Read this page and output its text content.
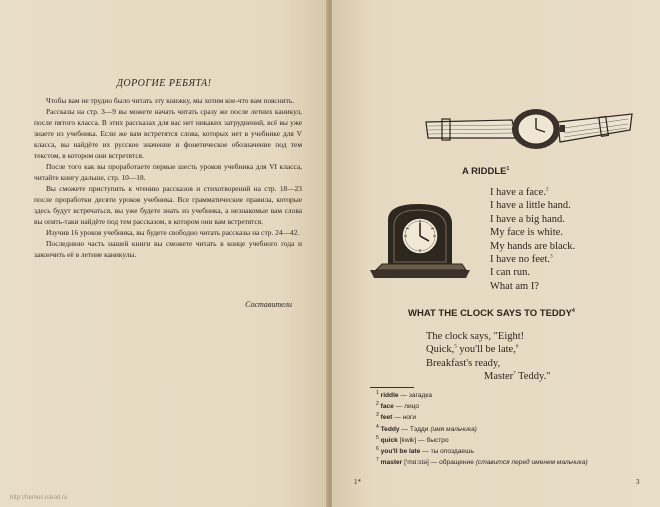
ДОРОГИЕ РЕБЯТА!

Чтобы вам не трудно было читать эту книжку, мы хотим кое-что вам пояснить.

Рассказы на стр. 3—9 вы можете начать читать сразу же после летних каникул, после пятого класса. В этих рассказах для вас нет никаких затруднений, всё вы уже знаете из учебника. Если же вам встретятся слова, которых нет в учебнике для V класса, вы найдёте их русское значение и фонетическое обозначение под тем текстом, в котором они встретятся.

После того как вы проработаете первые шесть уроков учебника для VI класса, читайте книгу дальше, стр. 10—18.

Вы сможете приступить к чтению рассказов и стихотворений на стр. 18—23 после проработки десяти уроков учебника. Все грамматические правила, которые здесь будут встречаться, вы уже будете знать из учебника, а незнакомые вам слова вы опять-таки найдёте под тем рассказом, в котором они вам встретятся.

Изучив 16 уроков учебника, вы будете свободно читать рассказы на стр. 24—42.

Последнюю часть нашей книги вы сможете читать в конце учебного года и закончить её в летние каникулы.

Составители
http://fremus.narod.ru
A RIDDLE$^1$
I have a face.$^2$
I have a little hand.
I have a big hand.
My face is white.
My hands are black.
I have no feet.$^3$
I can run.
What am I?
WHAT THE CLOCK SAYS TO TEDDY$^4$
The clock says, "Eight!
Quick,$^5$ you'll be late,$^6$
Breakfast's ready,
Master$^7$ Teddy."
$^1$ riddle — загадка
$^2$ face — лицо
$^3$ feet — ноги
$^4$ Teddy — Тэдди (имя мальчика)
$^5$ quick [kwik] — быстро
$^6$ you'll be late — ты опоздаешь
$^7$ master ['mɑ:stə] — обращение (ставится перед именем мальчика)
1*	3
